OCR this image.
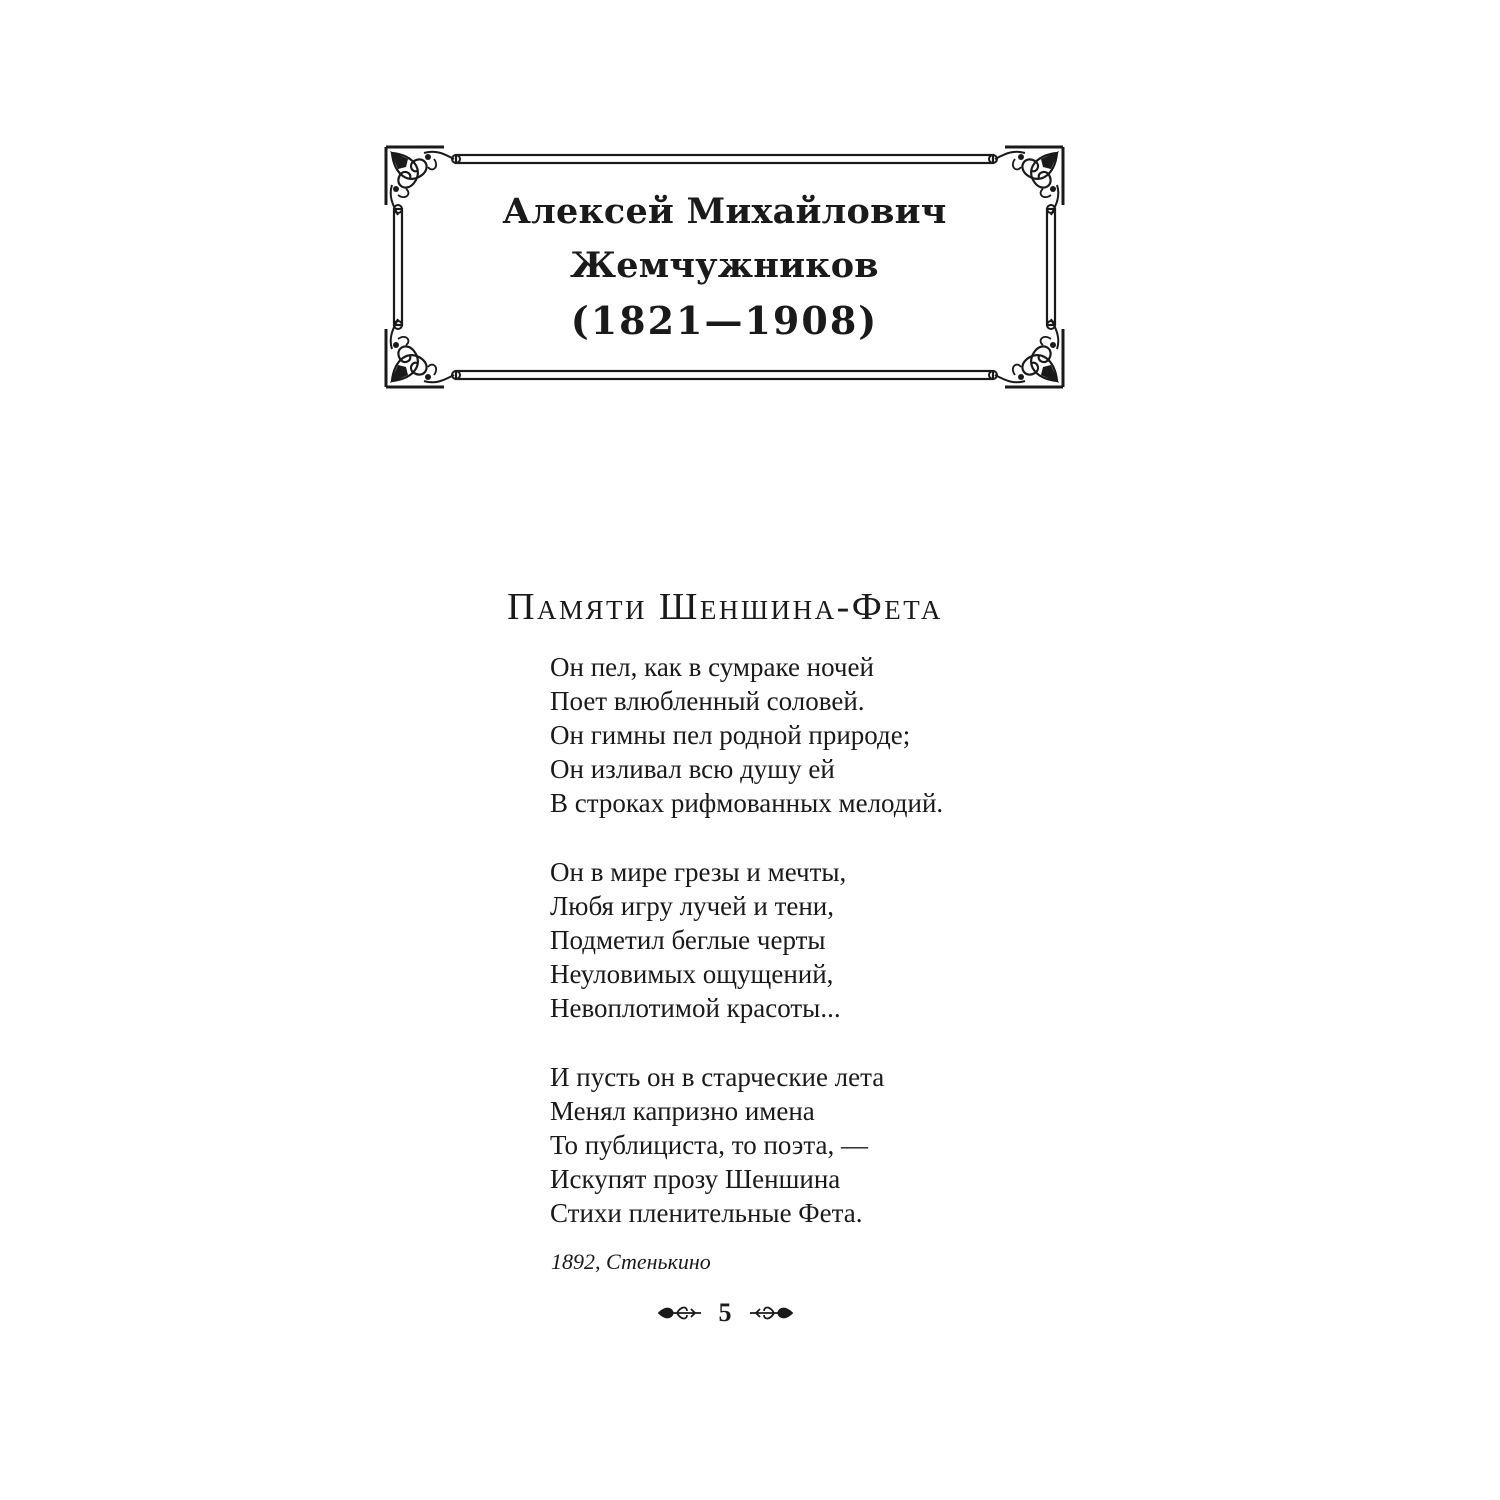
Алексей Михайлович
Жемчужников
(1821—1908)
Памяти Шеншина-Фета
Он пел, как в сумраке ночей
Поет влюбленный соловей.
Он гимны пел родной природе;
Он изливал всю душу ей
В строках рифмованных мелодий.
Он в мире грезы и мечты,
Любя игру лучей и тени,
Подметил беглые черты
Неуловимых ощущений,
Невоплотимой красоты...
И пусть он в старческие лета
Менял капризно имена
То публициста, то поэта, —
Искупят прозу Шеншина
Стихи пленительные Фета.
1892, Стенькино
5
